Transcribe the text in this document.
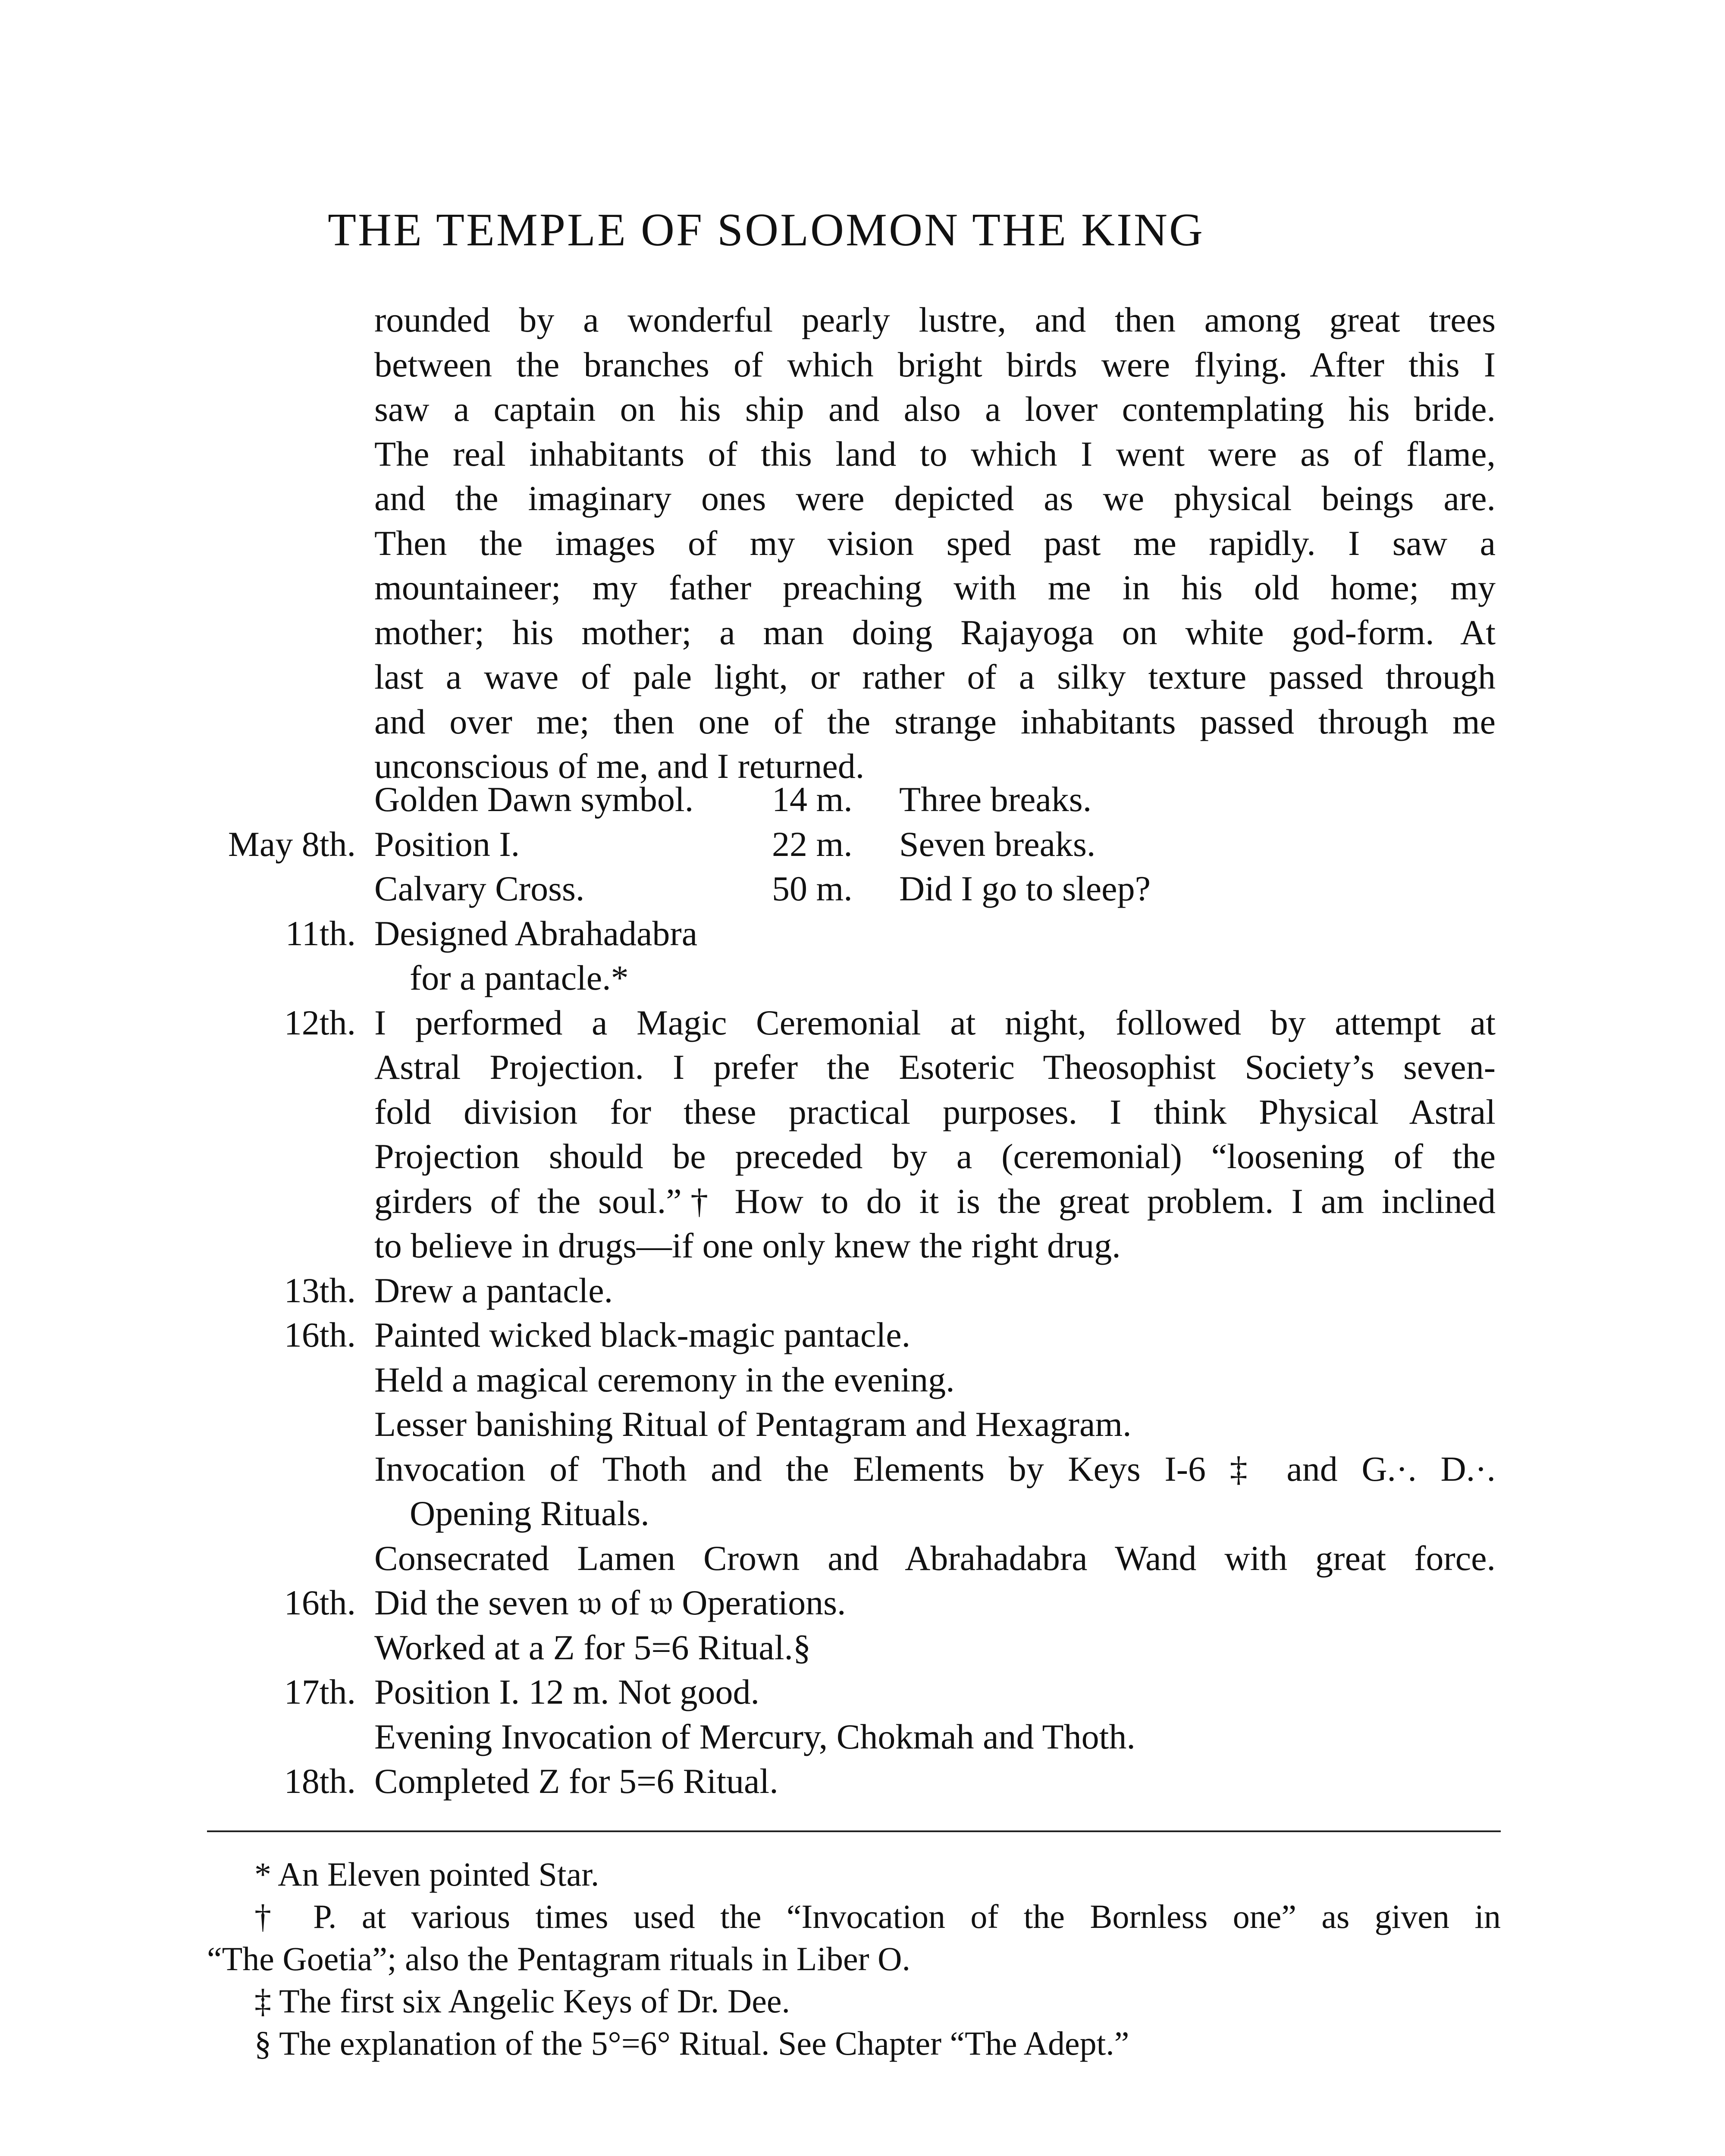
THE TEMPLE OF SOLOMON THE KING
rounded by a wonderful pearly lustre, and then among great trees
between the branches of which bright birds were flying. After this I
saw a captain on his ship and also a lover contemplating his bride.
The real inhabitants of this land to which I went were as of flame,
and the imaginary ones were depicted as we physical beings are.
Then the images of my vision sped past me rapidly. I saw a
mountaineer; my father preaching with me in his old home; my
mother; his mother; a man doing Rajayoga on white god-form. At
last a wave of pale light, or rather of a silky texture passed through
and over me; then one of the strange inhabitants passed through me
unconscious of me, and I returned.
Golden Dawn symbol. 14 m. Three breaks.
May 8th. Position I.	22 m. Seven breaks.
Calvary Cross.	50 m. Did I go to sleep?
11th. Designed Abrahadabra
for a pantacle.*
12th. I performed a Magic Ceremonial at night, followed by attempt at
Astral Projection. I prefer the Esoteric Theosophist Society’s seven-
fold division for these practical purposes. I think Physical Astral
Projection should be preceded by a (ceremonial) “loosening of the
girders of the soul.”† How to do it is the great problem. I am inclined
to believe in drugs—if one only knew the right drug.
13th. Drew a pantacle.
16th. Painted wicked black-magic pantacle.
Held a magical ceremony in the evening.
Lesser banishing Ritual of Pentagram and Hexagram.
Invocation of Thoth and the Elements by Keys I-6 ‡ and G.·. D.·.
Opening Rituals.
Consecrated Lamen Crown and Abrahadabra Wand with great force.
16th. Did the seven 𝔴 of 𝔴 Operations.
Worked at a Z for 5=6 Ritual.§
17th. Position I. 12 m. Not good.
Evening Invocation of Mercury, Chokmah and Thoth.
18th. Completed Z for 5=6 Ritual.
* An Eleven pointed Star.
† P. at various times used the “Invocation of the Bornless one” as given in
“The Goetia”; also the Pentagram rituals in Liber O.
‡ The first six Angelic Keys of Dr. Dee.
§ The explanation of the 5°=6° Ritual. See Chapter “The Adept.”
